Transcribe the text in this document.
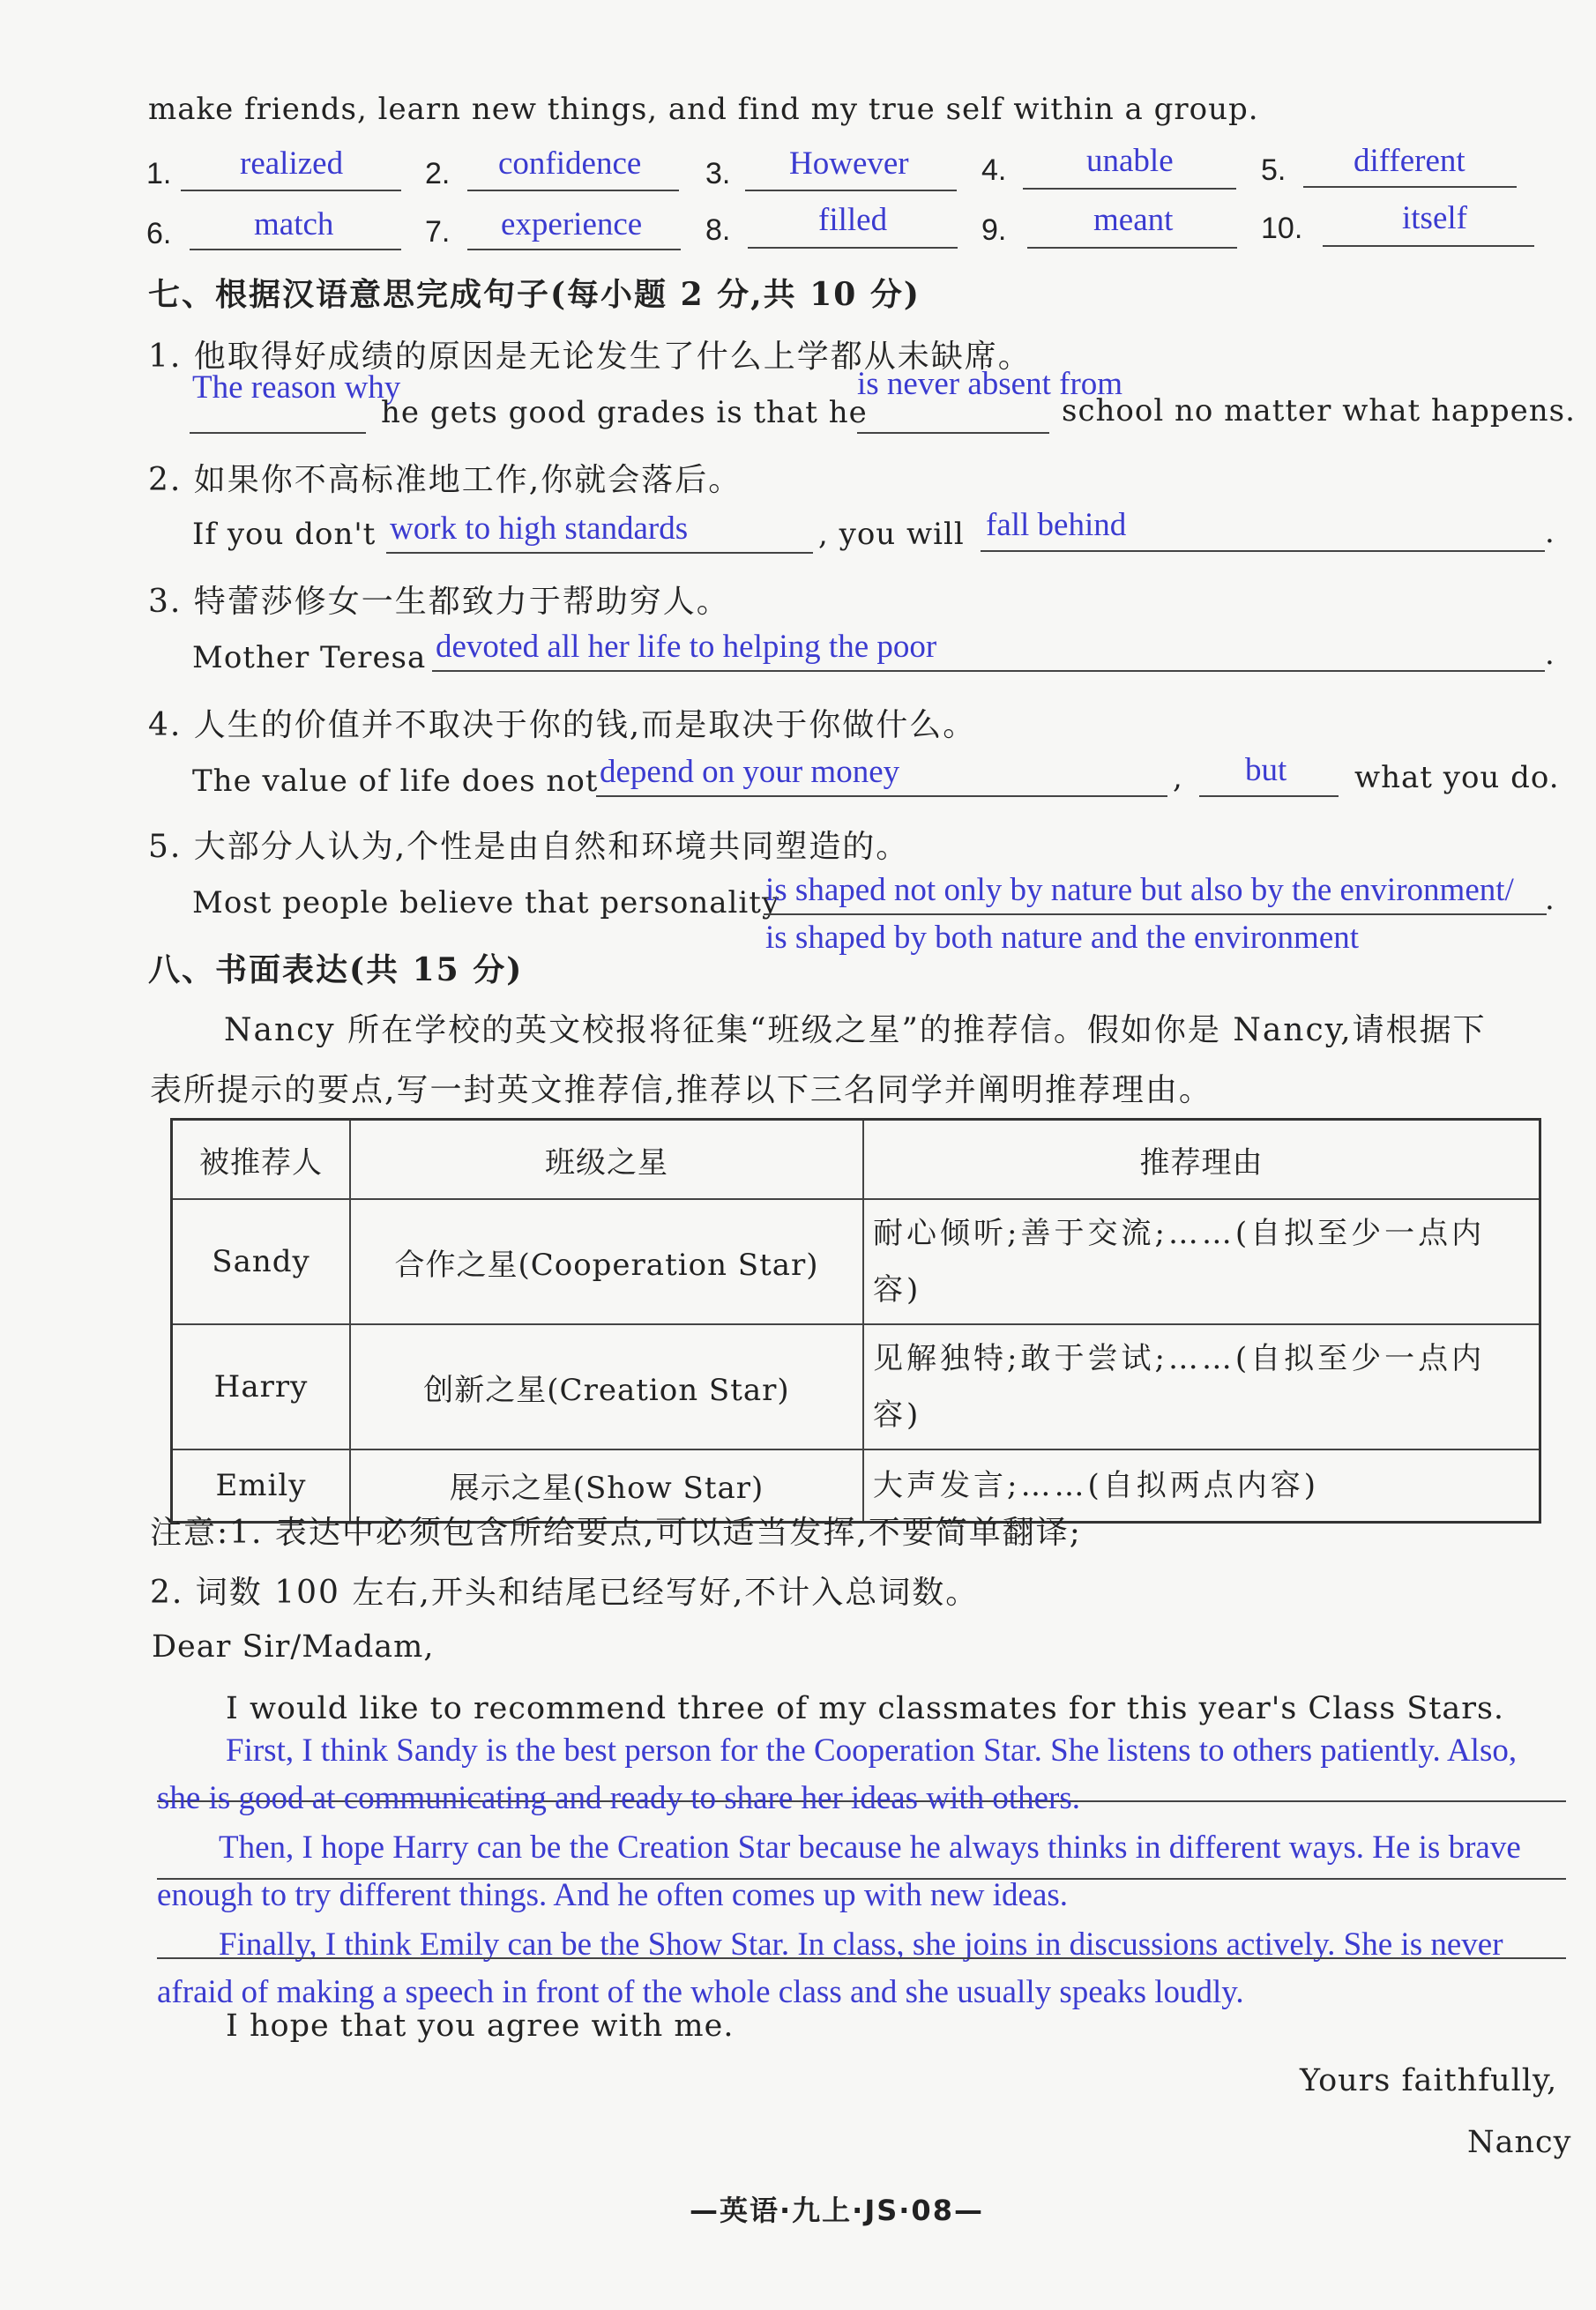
make friends, learn new things, and find my true self within a group.
1. realized	2. confidence 3. However 4. unable	5. different
6.	match	7. experience 8.	filled	9.	meant	10.	itself
七、根据汉语意思完成句子(每小题 2 分,共 10 分)
1. 他取得好成绩的原因是无论发生了什么上学都从未缺席。
The reason why
he gets good grades is that he
is never absent from
school no matter what happens.
2. 如果你不高标准地工作,你就会落后。
If you don't work to high standards	, you will fall behind	.
3. 特蕾莎修女一生都致力于帮助穷人。
Mother Teresa devoted all her life to helping the poor	.
4. 人生的价值并不取决于你的钱,而是取决于你做什么。
The value of life does not depend on your money	, but what you do.
5. 大部分人认为,个性是由自然和环境共同塑造的。
Most people believe that personality
is shaped not only by nature but also by the environment/ .
is shaped by both nature and the environment
八、书面表达(共 15 分)
Nancy 所在学校的英文校报将征集“班级之星”的推荐信。假如你是 Nancy,请根据下
表所提示的要点,写一封英文推荐信,推荐以下三名同学并阐明推荐理由。
被推荐人	班级之星	推荐理由
Sandy	合作之星(Cooperation Star)	耐心倾听;善于交流;……(自拟至少一点内容)
Harry	创新之星(Creation Star)	见解独特;敢于尝试;……(自拟至少一点内容)
Emily	展示之星(Show Star)	大声发言;……(自拟两点内容)
注意:1. 表达中必须包含所给要点,可以适当发挥,不要简单翻译;
2. 词数 100 左右,开头和结尾已经写好,不计入总词数。
Dear Sir/Madam,
I would like to recommend three of my classmates for this year's Class Stars.
First, I think Sandy is the best person for the Cooperation Star. She listens to others patiently. Also,
she is good at communicating and ready to share her ideas with others.
Then, I hope Harry can be the Creation Star because he always thinks in different ways. He is brave
enough to try different things. And he often comes up with new ideas.
Finally, I think Emily can be the Show Star. In class, she joins in discussions actively. She is never
afraid of making a speech in front of the whole class and she usually speaks loudly.
I hope that you agree with me.
Yours faithfully,
Nancy
—英语·九上·JS·08—
